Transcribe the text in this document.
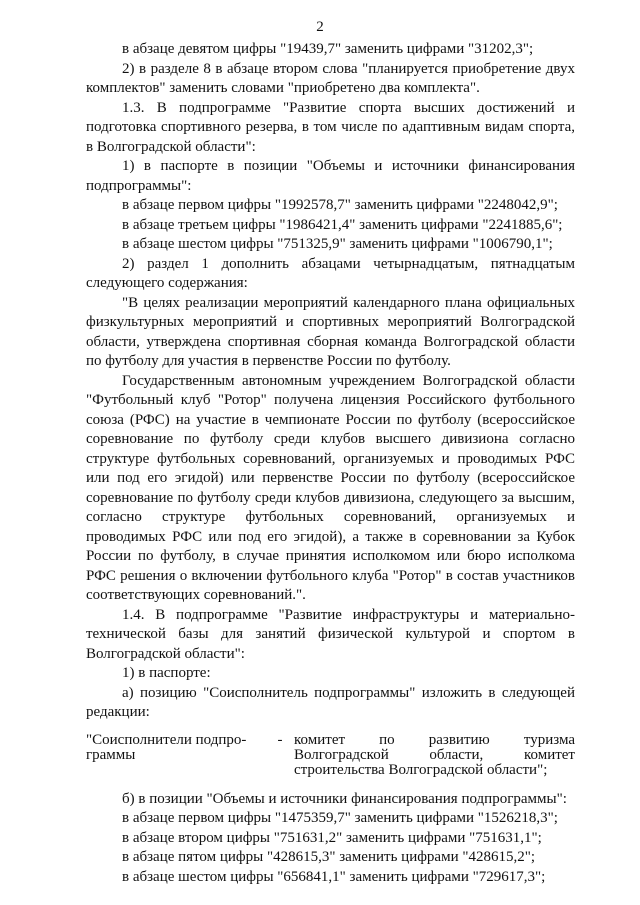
2

в абзаце девятом цифры "19439,7" заменить цифрами "31202,3";

2) в разделе 8 в абзаце втором слова "планируется приобретение двух комплектов" заменить словами "приобретено два комплекта".

1.3. В подпрограмме "Развитие спорта высших достижений и подготовка спортивного резерва, в том числе по адаптивным видам спорта, в Волгоградской области":

1) в паспорте в позиции "Объемы и источники финансирования подпрограммы":

в абзаце первом цифры "1992578,7" заменить цифрами "2248042,9";

в абзаце третьем цифры "1986421,4" заменить цифрами "2241885,6";

в абзаце шестом цифры "751325,9" заменить цифрами "1006790,1";

2) раздел 1 дополнить абзацами четырнадцатым, пятнадцатым следующего содержания:

"В целях реализации мероприятий календарного плана официальных физкультурных мероприятий и спортивных мероприятий Волгоградской области, утверждена спортивная сборная команда Волгоградской области по футболу для участия в первенстве России по футболу.

Государственным автономным учреждением Волгоградской области "Футбольный клуб "Ротор" получена лицензия Российского футбольного союза (РФС) на участие в чемпионате России по футболу (всероссийское соревнование по футболу среди клубов высшего дивизиона согласно структуре футбольных соревнований, организуемых и проводимых РФС или под его эгидой) или первенстве России по футболу (всероссийское соревнование по футболу среди клубов дивизиона, следующего за высшим, согласно структуре футбольных соревнований, организуемых и проводимых РФС или под его эгидой), а также в соревновании за Кубок России по футболу, в случае принятия исполкомом или бюро исполкома РФС решения о включении футбольного клуба "Ротор" в состав участников соответствующих соревнований.".

1.4. В подпрограмме "Развитие инфраструктуры и материально-технической базы для занятий физической культурой и спортом в Волгоградской области":

1) в паспорте:

а) позицию "Соисполнитель подпрограммы" изложить в следующей редакции:

"Соисполнители подпро-граммы
- комитет по развитию туризма Волгоградской области, комитет строительства Волгоградской области";

б) в позиции "Объемы и источники финансирования подпрограммы":

в абзаце первом цифры "1475359,7" заменить цифрами "1526218,3";

в абзаце втором цифры "751631,2" заменить цифрами "751631,1";

в абзаце пятом цифры "428615,3" заменить цифрами "428615,2";

в абзаце шестом цифры "656841,1" заменить цифрами "729617,3";
